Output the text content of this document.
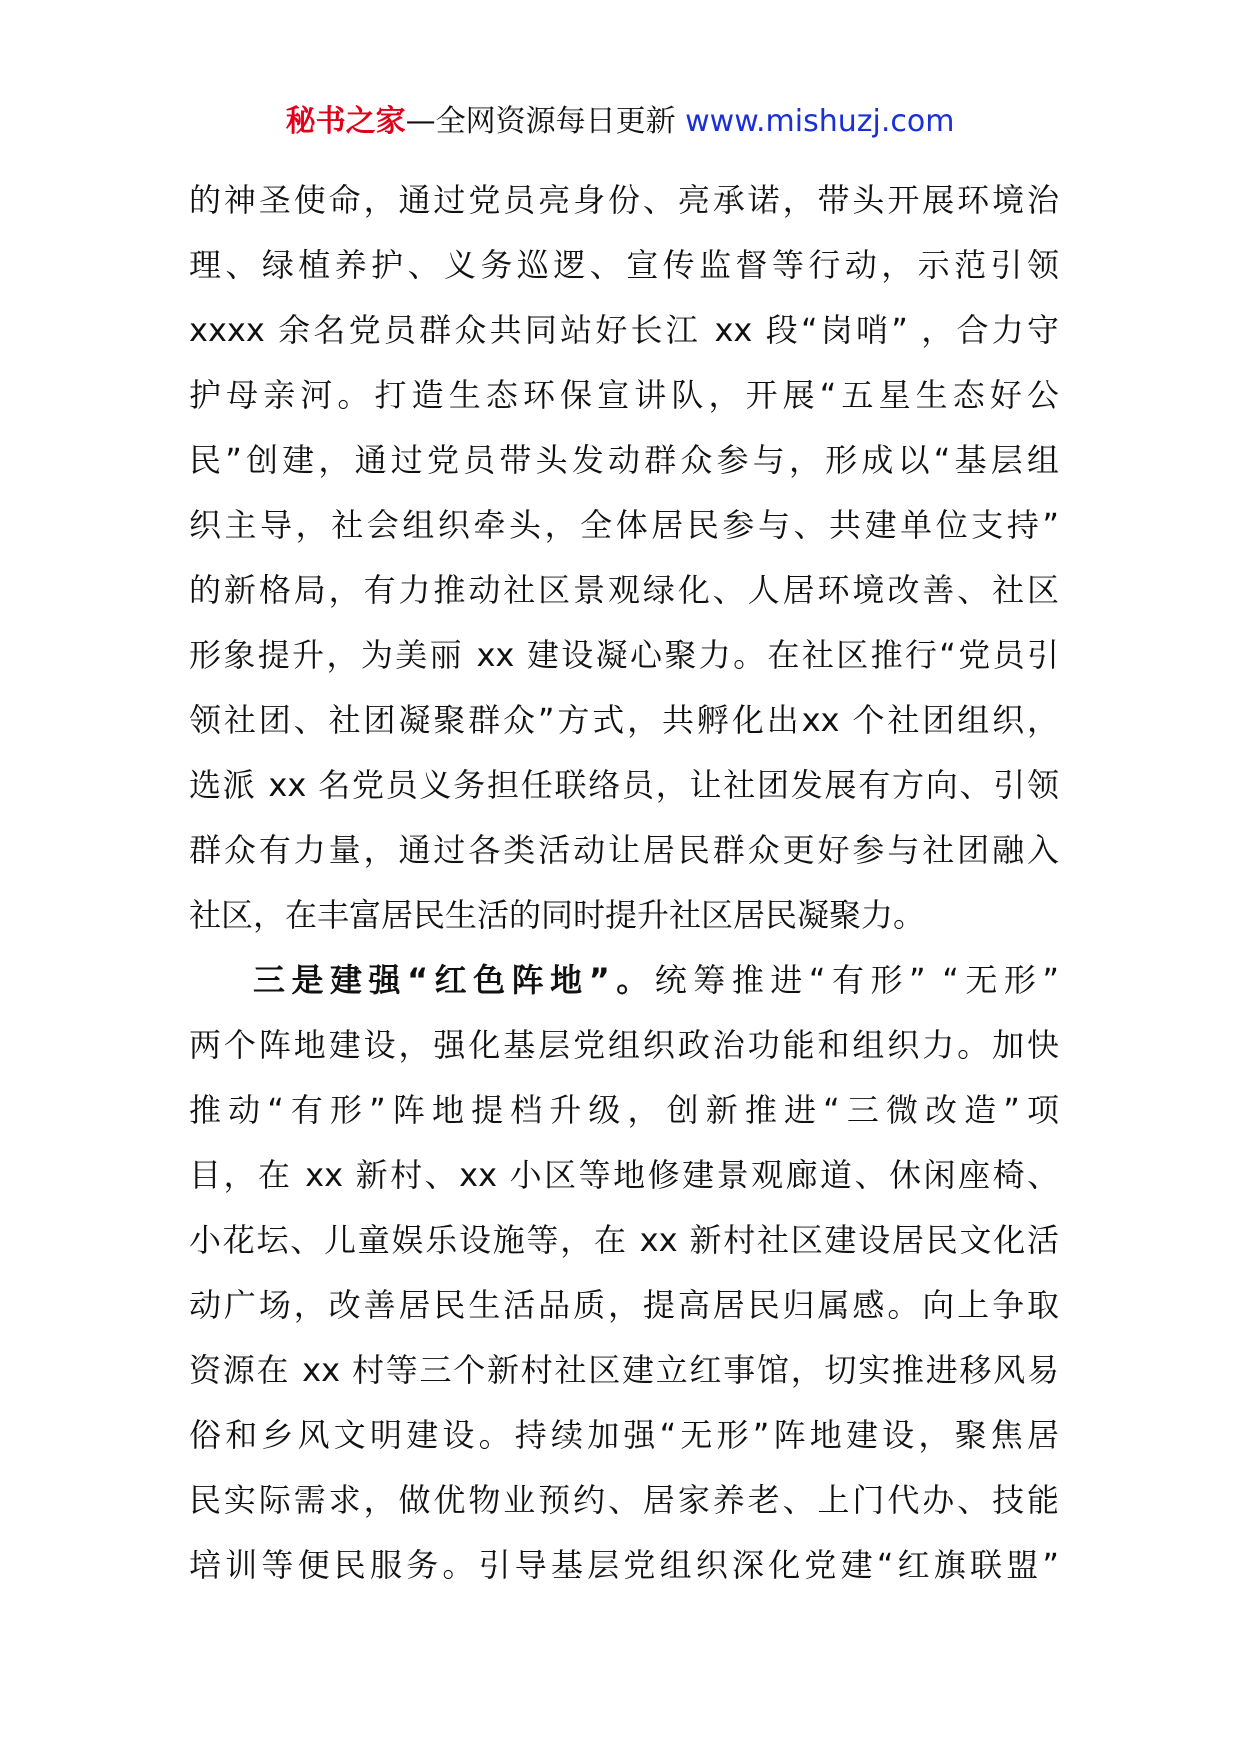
秘书之家—全网资源每日更新 www.mishuzj.com
的神圣使命，通过党员亮身份、亮承诺，带头开展环境治
理、绿植养护、义务巡逻、宣传监督等行动，示范引领
xxxx 余名党员群众共同站好长江 xx 段“岗哨” ，合力守
护母亲河。打造生态环保宣讲队，开展“五星生态好公
民”创建，通过党员带头发动群众参与，形成以“基层组
织主导，社会组织牵头，全体居民参与、共建单位支持”
的新格局，有力推动社区景观绿化、人居环境改善、社区
形象提升，为美丽 xx 建设凝心聚力。在社区推行“党员引
领社团、社团凝聚群众”方式，共孵化出xx 个社团组织，
选派 xx 名党员义务担任联络员，让社团发展有方向、引领
群众有力量，通过各类活动让居民群众更好参与社团融入
社区，在丰富居民生活的同时提升社区居民凝聚力。
三是建强“红色阵地”。统筹推进“有形” “无形”
两个阵地建设，强化基层党组织政治功能和组织力。加快
推动“有形”阵地提档升级，创新推进“三微改造”项
目，在 xx 新村、xx 小区等地修建景观廊道、休闲座椅、
小花坛、儿童娱乐设施等，在 xx 新村社区建设居民文化活
动广场，改善居民生活品质，提高居民归属感。向上争取
资源在 xx 村等三个新村社区建立红事馆，切实推进移风易
俗和乡风文明建设。持续加强“无形”阵地建设，聚焦居
民实际需求，做优物业预约、居家养老、上门代办、技能
培训等便民服务。引导基层党组织深化党建“红旗联盟”
